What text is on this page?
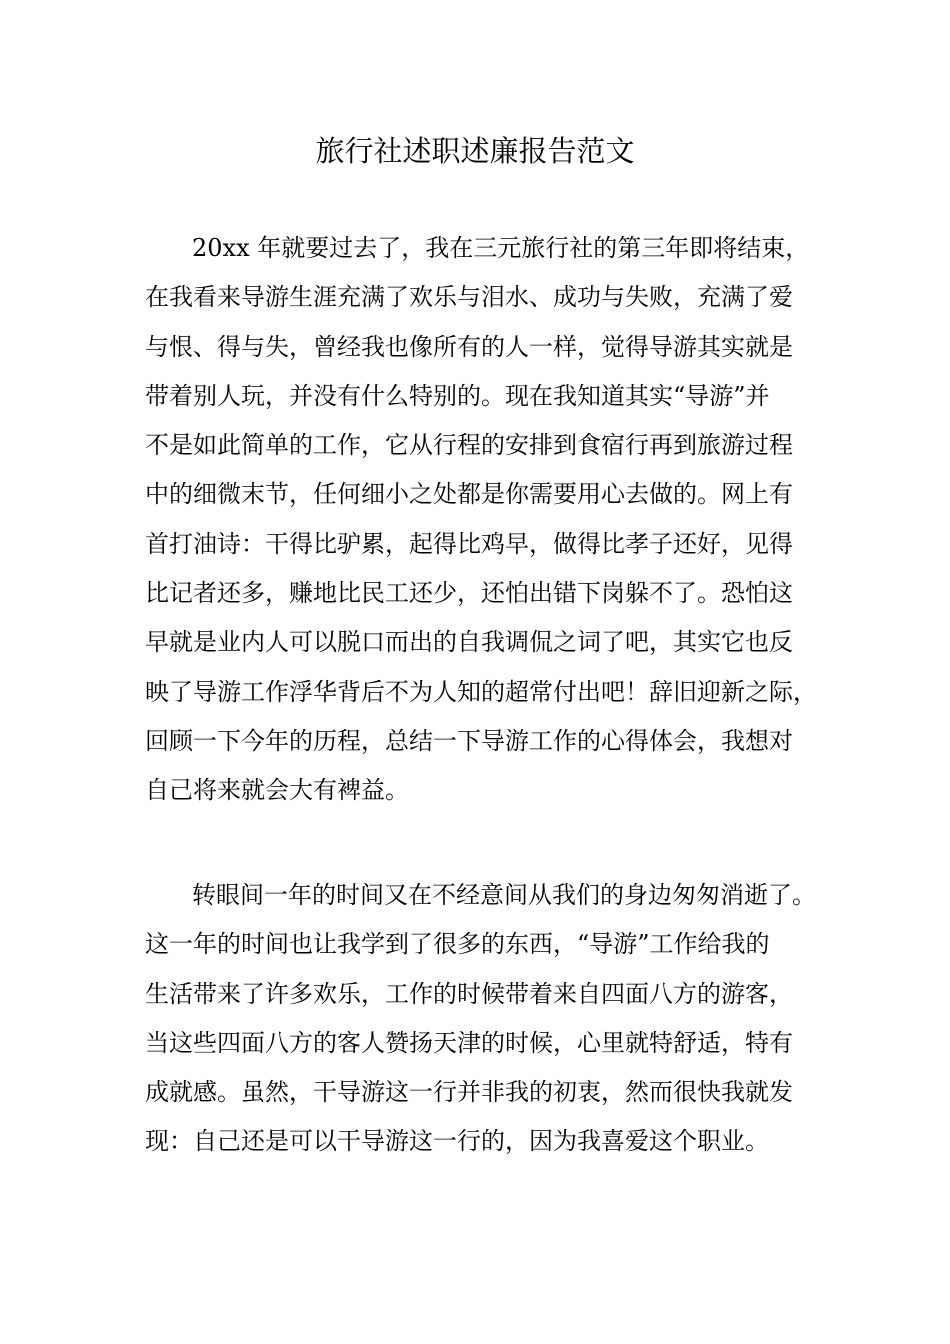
旅行社述职述廉报告范文

20xx 年就要过去了，我在三元旅行社的第三年即将结束，
在我看来导游生涯充满了欢乐与泪水、成功与失败，充满了爱
与恨、得与失，曾经我也像所有的人一样，觉得导游其实就是
带着别人玩，并没有什么特别的。现在我知道其实“导游”并
不是如此简单的工作，它从行程的安排到食宿行再到旅游过程
中的细微末节，任何细小之处都是你需要用心去做的。网上有
首打油诗：干得比驴累，起得比鸡早，做得比孝子还好，见得
比记者还多，赚地比民工还少，还怕出错下岗躲不了。恐怕这
早就是业内人可以脱口而出的自我调侃之词了吧，其实它也反
映了导游工作浮华背后不为人知的超常付出吧！辞旧迎新之际，
回顾一下今年的历程，总结一下导游工作的心得体会，我想对
自己将来就会大有裨益。

转眼间一年的时间又在不经意间从我们的身边匆匆消逝了。
这一年的时间也让我学到了很多的东西，“导游”工作给我的
生活带来了许多欢乐，工作的时候带着来自四面八方的游客，
当这些四面八方的客人赞扬天津的时候，心里就特舒适，特有
成就感。虽然，干导游这一行并非我的初衷，然而很快我就发
现：自己还是可以干导游这一行的，因为我喜爱这个职业。
